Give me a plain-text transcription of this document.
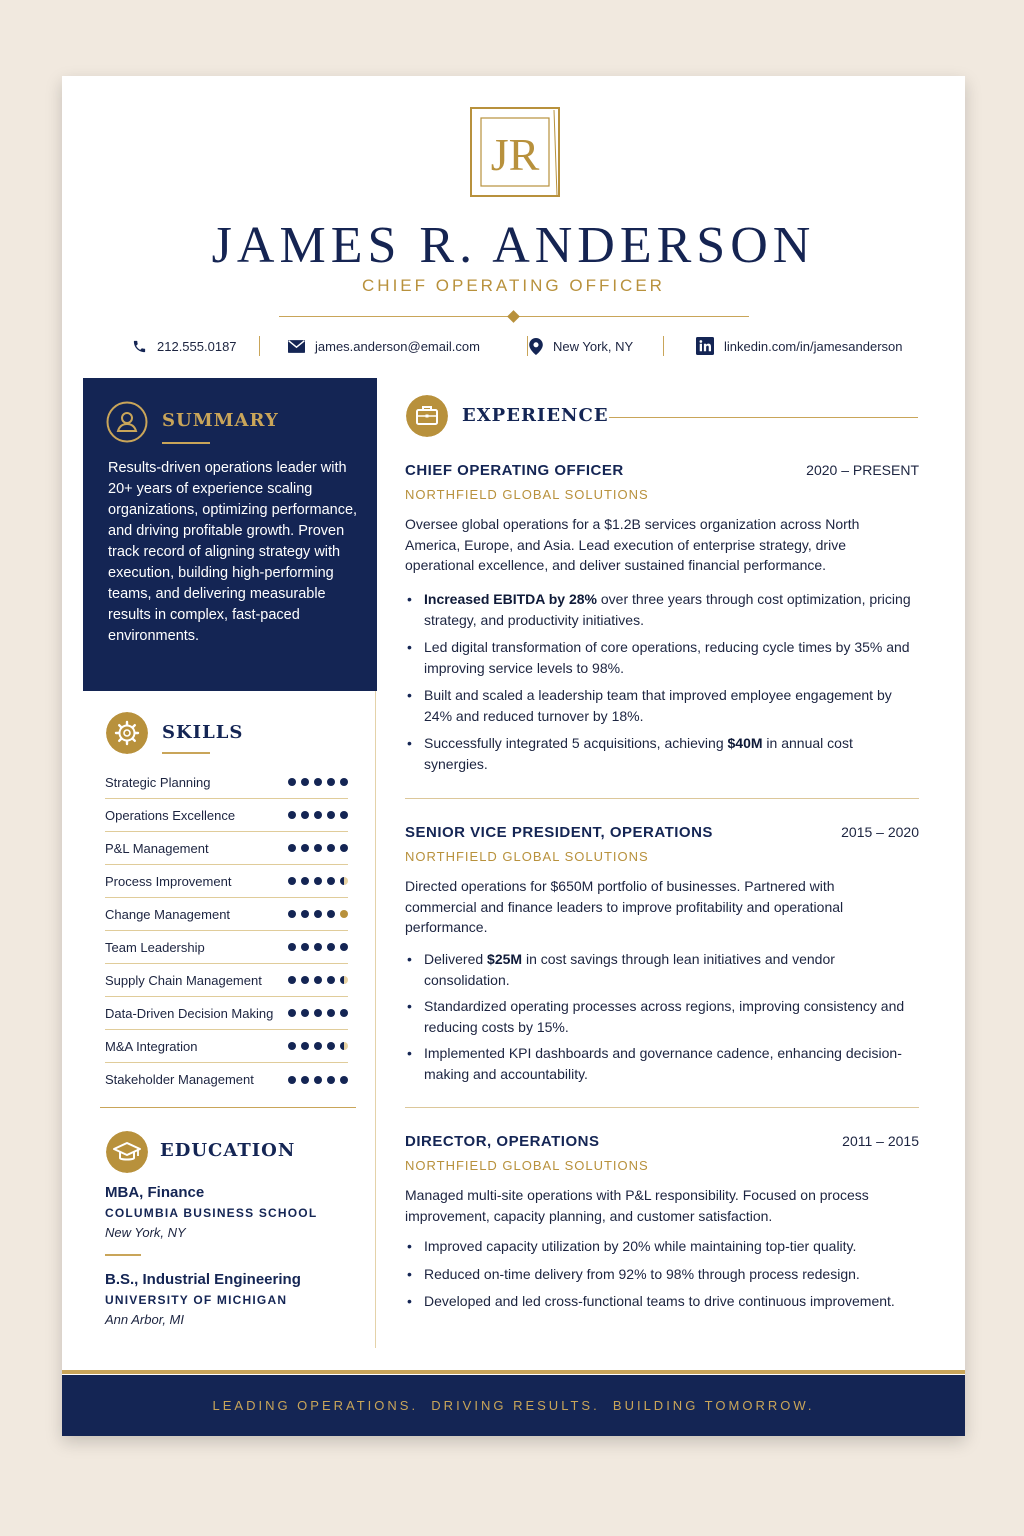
JR
JAMES R. ANDERSON
CHIEF OPERATING OFFICER
212.555.0187	james.anderson@email.com	New York, NY	linkedin.com/in/jamesanderson
SUMMARY
Results-driven operations leader with 20+ years of experience scaling organizations, optimizing performance, and driving profitable growth. Proven track record of aligning strategy with execution, building high-performing teams, and delivering measurable results in complex, fast-paced environments.
SKILLS
Strategic Planning
Operations Excellence
P&L Management
Process Improvement
Change Management
Team Leadership
Supply Chain Management
Data-Driven Decision Making
M&A Integration
Stakeholder Management
EDUCATION
MBA, Finance
COLUMBIA BUSINESS SCHOOL
New York, NY
B.S., Industrial Engineering
UNIVERSITY OF MICHIGAN
Ann Arbor, MI
EXPERIENCE
CHIEF OPERATING OFFICER	2020 – PRESENT
NORTHFIELD GLOBAL SOLUTIONS
Oversee global operations for a $1.2B services organization across North America, Europe, and Asia. Lead execution of enterprise strategy, drive operational excellence, and deliver sustained financial performance.
• Increased EBITDA by 28% over three years through cost optimization, pricing strategy, and productivity initiatives.
• Led digital transformation of core operations, reducing cycle times by 35% and improving service levels to 98%.
• Built and scaled a leadership team that improved employee engagement by 24% and reduced turnover by 18%.
• Successfully integrated 5 acquisitions, achieving $40M in annual cost synergies.
SENIOR VICE PRESIDENT, OPERATIONS	2015 – 2020
NORTHFIELD GLOBAL SOLUTIONS
Directed operations for $650M portfolio of businesses. Partnered with commercial and finance leaders to improve profitability and operational performance.
• Delivered $25M in cost savings through lean initiatives and vendor consolidation.
• Standardized operating processes across regions, improving consistency and reducing costs by 15%.
• Implemented KPI dashboards and governance cadence, enhancing decision-making and accountability.
DIRECTOR, OPERATIONS	2011 – 2015
NORTHFIELD GLOBAL SOLUTIONS
Managed multi-site operations with P&L responsibility. Focused on process improvement, capacity planning, and customer satisfaction.
• Improved capacity utilization by 20% while maintaining top-tier quality.
• Reduced on-time delivery from 92% to 98% through process redesign.
• Developed and led cross-functional teams to drive continuous improvement.
LEADING OPERATIONS.  DRIVING RESULTS.  BUILDING TOMORROW.
